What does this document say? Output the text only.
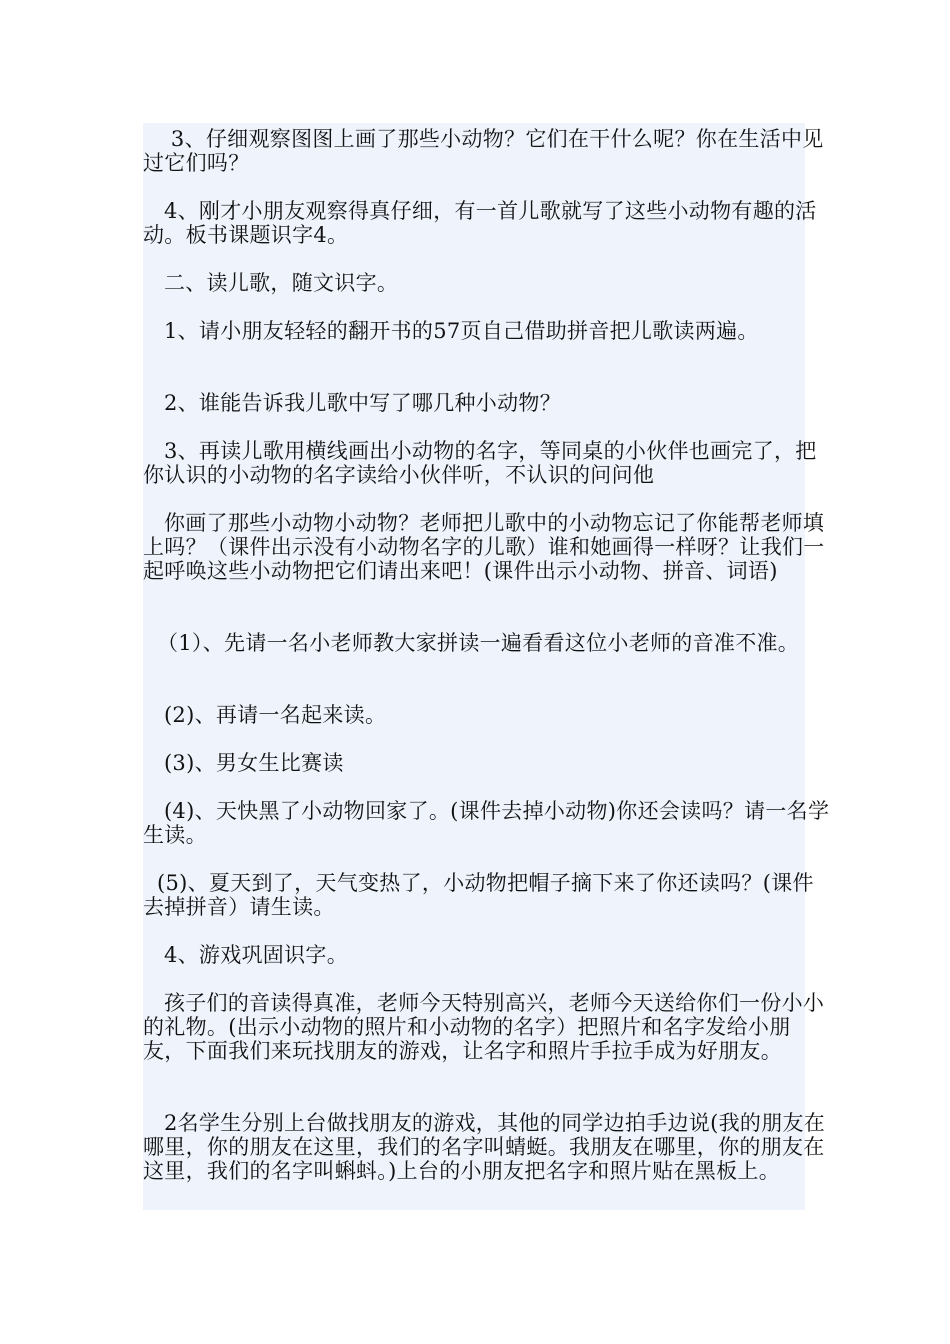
3、仔细观察图图上画了那些小动物？它们在干什么呢？你在生活中见过它们吗？

4、刚才小朋友观察得真仔细，有一首儿歌就写了这些小动物有趣的活动。板书课题识字4。

二、读儿歌，随文识字。

1、请小朋友轻轻的翻开书的57页自己借助拼音把儿歌读两遍。

2、谁能告诉我儿歌中写了哪几种小动物？

3、再读儿歌用横线画出小动物的名字，等同桌的小伙伴也画完了，把你认识的小动物的名字读给小伙伴听，不认识的问问他

你画了那些小动物小动物？老师把儿歌中的小动物忘记了你能帮老师填上吗？（课件出示没有小动物名字的儿歌）谁和她画得一样呀？让我们一起呼唤这些小动物把它们请出来吧！(课件出示小动物、拼音、词语)

（1）、先请一名小老师教大家拼读一遍看看这位小老师的音准不准。

(2)、再请一名起来读。

(3)、男女生比赛读

(4)、天快黑了小动物回家了。(课件去掉小动物)你还会读吗？请一名学生读。

(5)、夏天到了，天气变热了，小动物把帽子摘下来了你还读吗？(课件去掉拼音）请生读。

4、游戏巩固识字。

孩子们的音读得真准，老师今天特别高兴，老师今天送给你们一份小小的礼物。(出示小动物的照片和小动物的名字）把照片和名字发给小朋友，下面我们来玩找朋友的游戏，让名字和照片手拉手成为好朋友。

2名学生分别上台做找朋友的游戏，其他的同学边拍手边说(我的朋友在哪里，你的朋友在这里，我们的名字叫蜻蜓。我朋友在哪里，你的朋友在这里，我们的名字叫蝌蚪。)上台的小朋友把名字和照片贴在黑板上。
